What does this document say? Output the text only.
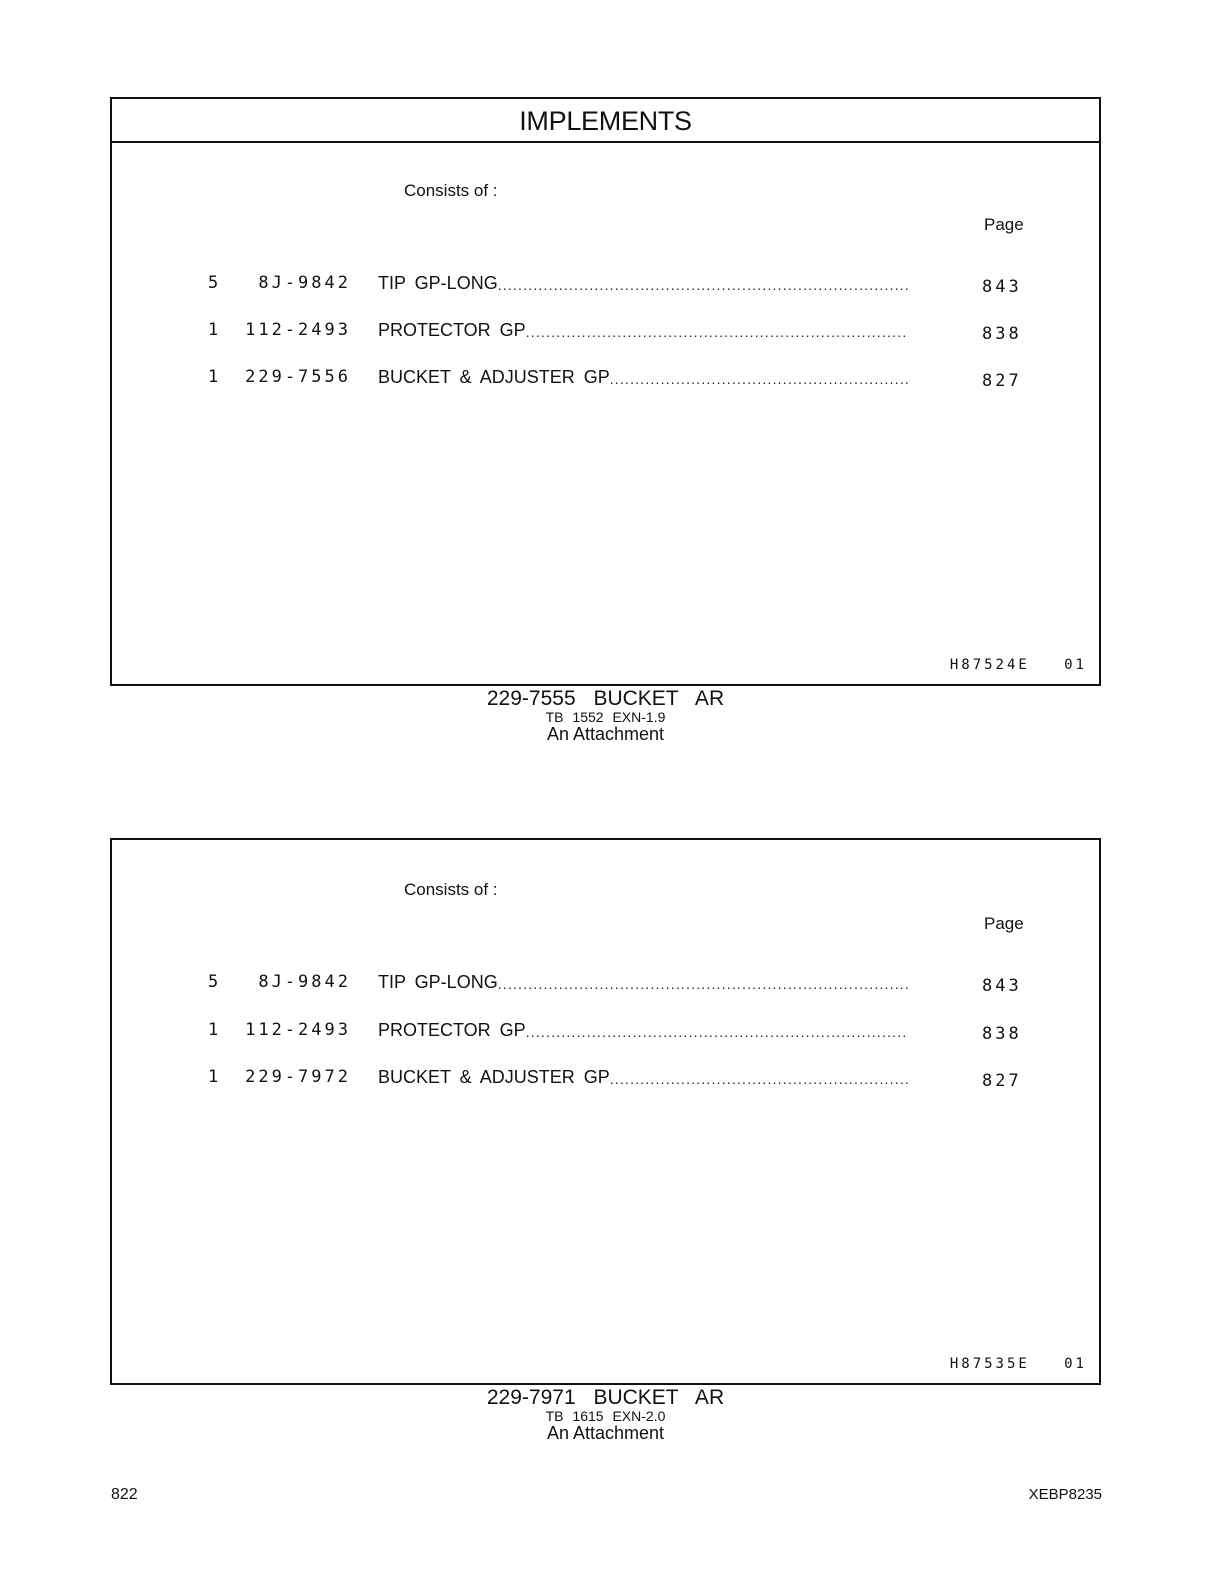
IMPLEMENTS
Consists of :
Page
5 8J-9842 TIP GP-LONG .....	843
1 112-2493 PROTECTOR GP .....	838
1 229-7556 BUCKET & ADJUSTER GP .....	827
H87524E   01
229-7555 BUCKET AR
TB 1552 EXN-1.9
An Attachment
Consists of :
Page
5 8J-9842 TIP GP-LONG .....	843
1 112-2493 PROTECTOR GP .....	838
1 229-7972 BUCKET & ADJUSTER GP .....	827
H87535E   01
229-7971 BUCKET AR
TB 1615 EXN-2.0
An Attachment
822	XEBP8235
